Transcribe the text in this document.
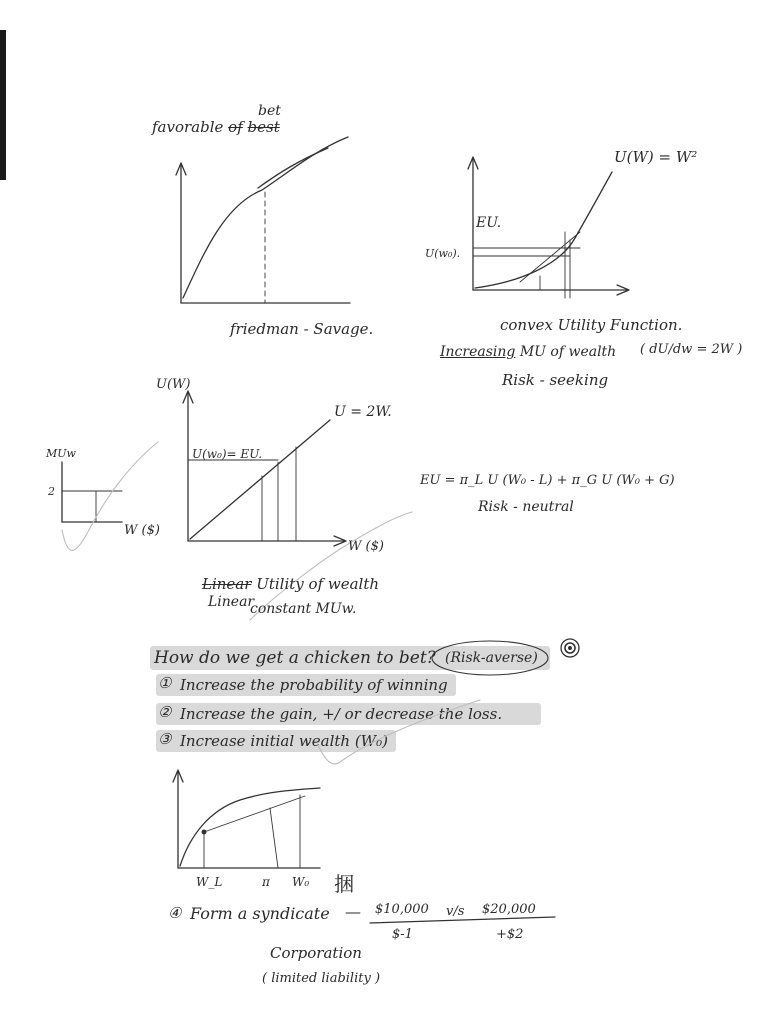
bet
favorable of best
friedman - Savage.
U(W) = W²
EU.
U(w₀).
convex Utility Function.
Increasing MU of wealth ( dU/dw = 2W )
Risk - seeking
MUw
2
W ($)
U(W)
U = 2W.
U(w₀)= EU.
W ($)
Linear Utility of wealth
Linear
constant MUw.
EU = π_L U (W₀ - L) + π_G U (W₀ + G)
Risk - neutral
How do we get a chicken to bet? (Risk-averse)
① Increase the probability of winning
② Increase the gain, +/ or decrease the loss.
③ Increase initial wealth (W₀)
W_L	π W₀ 捆
④ Form a syndicate — $10,000 v/s $20,000
$-1	+$2
Corporation
( limited liability )
